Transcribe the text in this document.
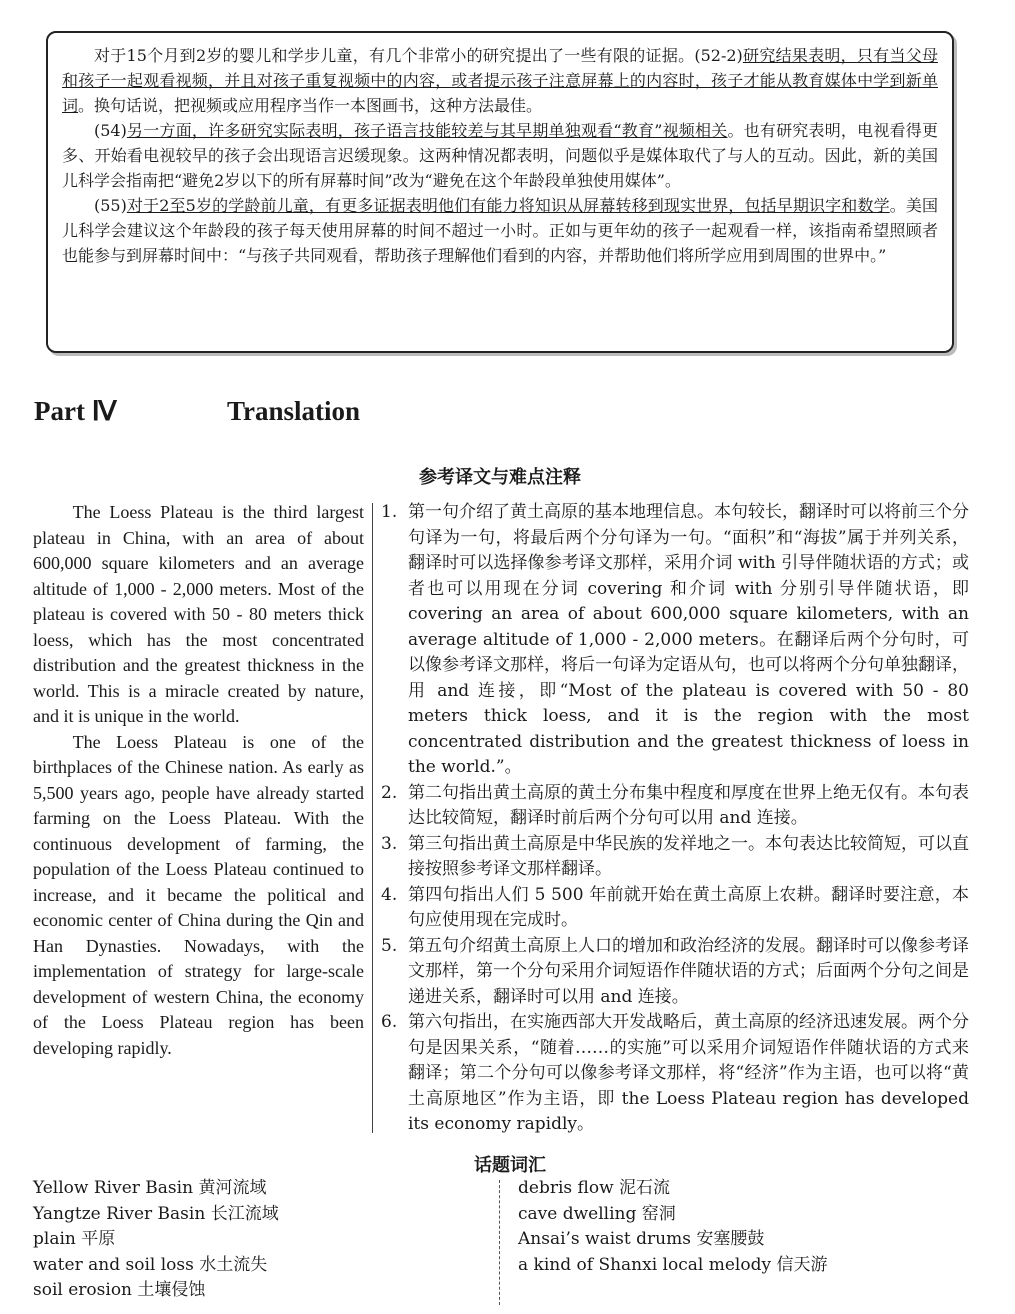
对于15个月到2岁的婴儿和学步儿童，有几个非常小的研究提出了一些有限的证据。(52-2)研究结果表明，只有当父母和孩子一起观看视频，并且对孩子重复视频中的内容，或者提示孩子注意屏幕上的内容时，孩子才能从教育媒体中学到新单词。换句话说，把视频或应用程序当作一本图画书，这种方法最佳。

(54)另一方面，许多研究实际表明，孩子语言技能较差与其早期单独观看“教育”视频相关。也有研究表明，电视看得更多、开始看电视较早的孩子会出现语言迟缓现象。这两种情况都表明，问题似乎是媒体取代了与人的互动。因此，新的美国儿科学会指南把“避免2岁以下的所有屏幕时间”改为“避免在这个年龄段单独使用媒体”。

(55)对于2至5岁的学龄前儿童，有更多证据表明他们有能力将知识从屏幕转移到现实世界，包括早期识字和数学。美国儿科学会建议这个年龄段的孩子每天使用屏幕的时间不超过一小时。正如与更年幼的孩子一起观看一样，该指南希望照顾者也能参与到屏幕时间中：“与孩子共同观看，帮助孩子理解他们看到的内容，并帮助他们将所学应用到周围的世界中。”

Part Ⅳ	Translation
参考译文与难点注释

The Loess Plateau is the third largest plateau in China, with an area of about 600,000 square kilometers and an average altitude of 1,000 - 2,000 meters. Most of the plateau is covered with 50 - 80 meters thick loess, which has the most concentrated distribution and the greatest thickness in the world. This is a miracle created by nature, and it is unique in the world.

The Loess Plateau is one of the birthplaces of the Chinese nation. As early as 5,500 years ago, people have already started farming on the Loess Plateau. With the continuous development of farming, the population of the Loess Plateau continued to increase, and it became the political and economic center of China during the Qin and Han Dynasties. Nowadays, with the implementation of strategy for large-scale development of western China, the economy of the Loess Plateau region has been developing rapidly.

1. 第一句介绍了黄土高原的基本地理信息。本句较长，翻译时可以将前三个分句译为一句，将最后两个分句译为一句。“面积”和“海拔”属于并列关系，翻译时可以选择像参考译文那样，采用介词 with 引导伴随状语的方式；或者也可以用现在分词 covering 和介词 with 分别引导伴随状语，即 covering an area of about 600,000 square kilometers, with an average altitude of 1,000 - 2,000 meters。在翻译后两个分句时，可以像参考译文那样，将后一句译为定语从句，也可以将两个分句单独翻译，用 and 连接，即“Most of the plateau is covered with 50 - 80 meters thick loess, and it is the region with the most concentrated distribution and the greatest thickness of loess in the world.”。
2. 第二句指出黄土高原的黄土分布集中程度和厚度在世界上绝无仅有。本句表达比较简短，翻译时前后两个分句可以用 and 连接。
3. 第三句指出黄土高原是中华民族的发祥地之一。本句表达比较简短，可以直接按照参考译文那样翻译。
4. 第四句指出人们 5 500 年前就开始在黄土高原上农耕。翻译时要注意，本句应使用现在完成时。
5. 第五句介绍黄土高原上人口的增加和政治经济的发展。翻译时可以像参考译文那样，第一个分句采用介词短语作伴随状语的方式；后面两个分句之间是递进关系，翻译时可以用 and 连接。
6. 第六句指出，在实施西部大开发战略后，黄土高原的经济迅速发展。两个分句是因果关系，“随着……的实施”可以采用介词短语作伴随状语的方式来翻译；第二个分句可以像参考译文那样，将“经济”作为主语，也可以将“黄土高原地区”作为主语，即 the Loess Plateau region has developed its economy rapidly。
话题词汇
Yellow River Basin 黄河流域
Yangtze River Basin 长江流域
plain 平原
water and soil loss 水土流失
soil erosion 土壤侵蚀
debris flow 泥石流
cave dwelling 窑洞
Ansai’s waist drums 安塞腰鼓
a kind of Shanxi local melody 信天游
